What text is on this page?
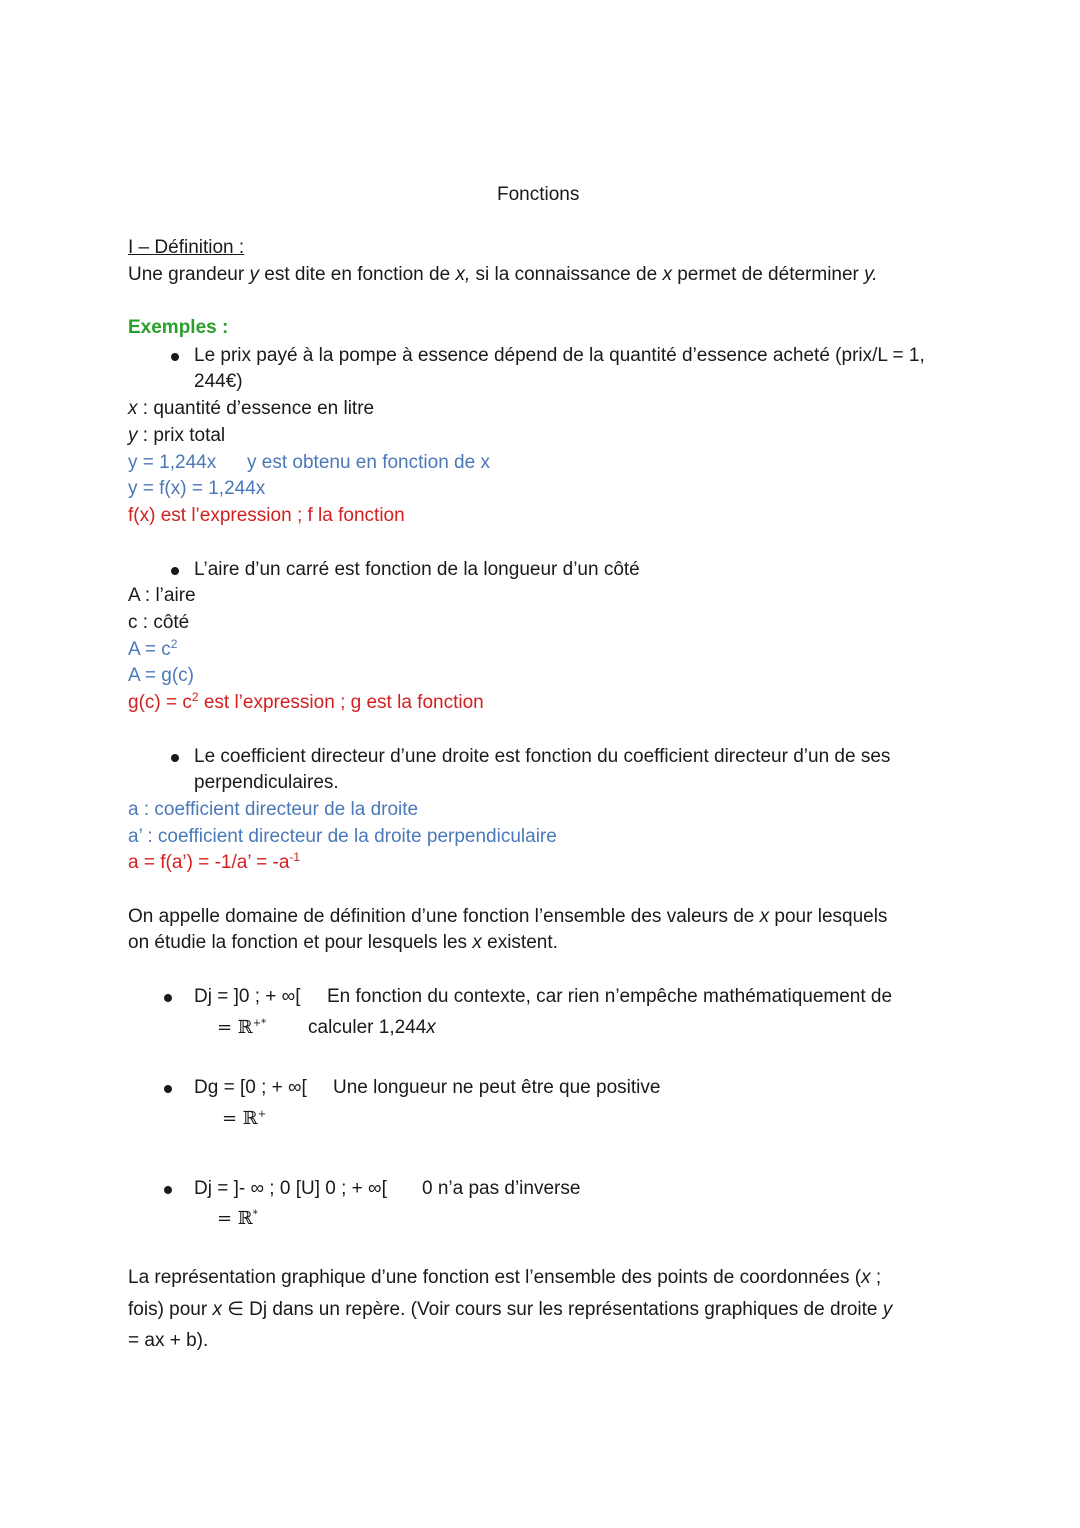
Fonctions
I – Définition :
Une grandeur y est dite en fonction de x, si la connaissance de x permet de déterminer y.
Exemples :
Le prix payé à la pompe à essence dépend de la quantité d’essence acheté (prix/L = 1,
244€)
x : quantité d’essence en litre
y : prix total
y = 1,244x y est obtenu en fonction de x
y = f(x) = 1,244x
f(x) est l’expression ; f la fonction
L’aire d’un carré est fonction de la longueur d’un côté
A : l’aire
c : côté
$A = c^2$
A = g(c)
$g(c) = c^2$ est l’expression ; g est la fonction
Le coefficient directeur d’une droite est fonction du coefficient directeur d’un de ses
perpendiculaires.
a : coefficient directeur de la droite
a’ : coefficient directeur de la droite perpendiculaire
a = f(a’) = -1/a’ = $-a^{-1}$
On appelle domaine de définition d’une fonction l’ensemble des valeurs de x pour lesquels
on étudie la fonction et pour lesquels les x existent.
Dj = ]0 ; + ∞[ En fonction du contexte, car rien n’empêche mathématiquement de
= ℝ+* calculer 1,244x
Dg = [0 ; + ∞[ Une longueur ne peut être que positive
= ℝ+
Dj = ]- ∞ ; 0 [U] 0 ; + ∞[ 0 n’a pas d’inverse
= ℝ*
La représentation graphique d’une fonction est l’ensemble des points de coordonnées (x ;
fois) pour x ∈ Dj dans un repère. (Voir cours sur les représentations graphiques de droite y
= ax + b).
